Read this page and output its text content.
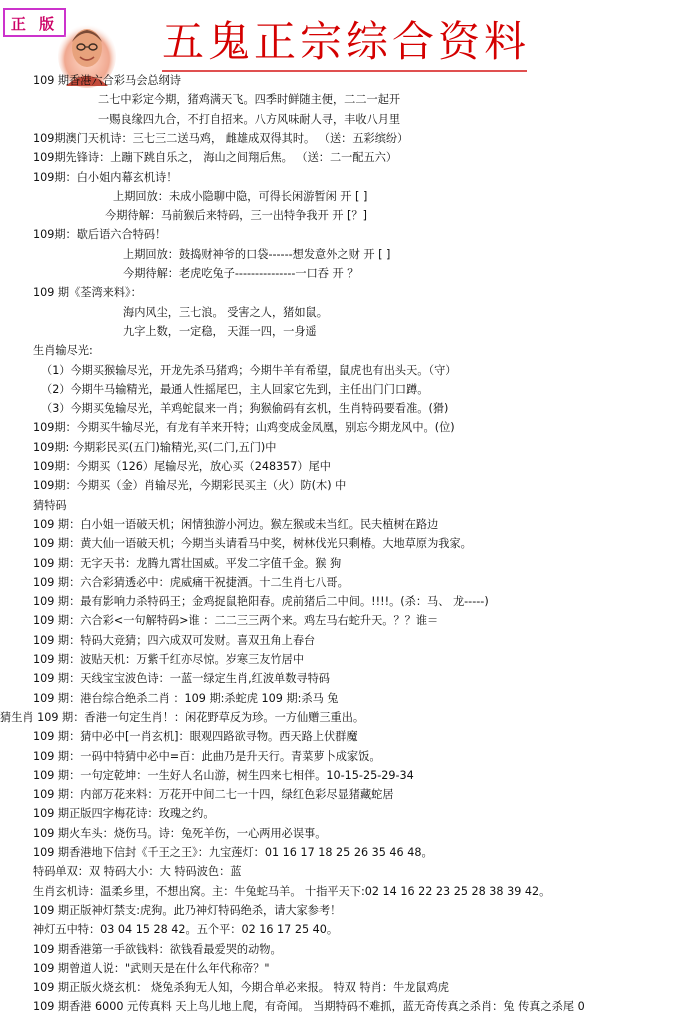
正 版 五鬼正宗综合资料
109 期香港六合彩马会总纲诗
二七中彩定今期，猪鸡满天飞。四季时鲜随主便，二二一起开
一赐良缘四九合，不打自招来。八方风味耐人寻，丰收八月里
109期澳门天机诗：三七三二送马鸡， 雌雄成双得其时。 （送：五彩缤纷）
109期先锋诗：上蹦下跳自乐之， 海山之间翔后焦。 （送：二一配五六）
109期：白小姐内幕玄机诗！
上期回放：未成小隐聊中隐，可得长闲游暂闲 开 [ ]
今期待解：马前猴后来特码，三一出特争我开 开 [？]
109期：歇后语六合特码！
上期回放：鼓捣财神爷的口袋------想发意外之财 开 [ ]
今期待解：老虎吃兔子---------------一口吞 开 ？
109 期《荃湾来料》：
海内风尘，三七浪。 受害之人，猪如鼠。
九字上数，一定稳， 天涯一四，一身遥
生肖输尽光:
（1）今期买猴输尽光，开龙先杀马猪鸡；今期牛羊有希望，鼠虎也有出头天。（守）
（2）今期牛马输精光，最通人性摇尾巴，主人回家它先到，主任出门门口蹲。
（3）今期买兔输尽光，羊鸡蛇鼠来一肖；狗猴偷码有玄机，生肖特码要看准。(猾)
109期：今期买牛输尽光，有龙有羊来开特；山鸡变成金凤凰，别忘今期龙风中。(位)
109期: 今期彩民买(五门)输精光,买(二门,五门)中
109期：今期买（126）尾输尽光，放心买（248357）尾中
109期：今期买（金）肖输尽光，今期彩民买主（火）防(木) 中
猜特码
109 期：白小姐一语破天机；闲情独游小河边。猴左猴或未当红。民夫植树在路边
109 期：黄大仙一语破天机；今期当头请看马中奖，树林伐光只剩椿。大地草原为我家。
109 期：无字天书：龙腾九霄壮国威。平发二字值千金。猴 狗
109 期：六合彩猜透必中：虎威痛干祝捷酒。十二生肖七八哥。
109 期：最有影响力杀特码王；金鸡捉鼠艳阳春。虎前猪后二中间。!!!!。(杀：马、 龙-----)
109 期：六合彩<一句解特码>谁 ：二二三三两个来。鸡左马右蛇升天。？？谁＝
109 期：特码大竞猜；四六成双可发财。喜双丑角上春台
109 期：波贴天机：万紫千红亦尽惊。岁寒三友竹居中
109 期：天线宝宝波色诗：一蓝一绿定生肖,红波单数寻特码
109 期：港台综合绝杀二肖 ：109 期:杀蛇虎 109 期:杀马 兔
猜生肖 109 期：香港一句定生肖！：闲花野草反为珍。一方仙赠三重出。
109 期：猜中必中[一肖玄机]：眼观四路欲寻物。西天路上伏群魔
109 期：一码中特猜中必中=百：此曲乃是升天行。青菜萝卜成家饭。
109 期：一句定乾坤：一生好人名山游，树生四来七相伴。10-15-25-29-34
109 期：内部万花来料：万花开中间二七一十四，绿红色彩尽显猪藏蛇居
109 期正版四字梅花诗：玫瑰之约。
109 期火车头：烧伤马。诗：兔死羊伤，一心两用必误事。
109 期香港地下信封《千王之王》：九宝莲灯：01 16 17 18 25 26 35 46 48。
特码单双：双 特码大小：大 特码波色：蓝
生肖玄机诗：温柔乡里，不想出窝。主：牛兔蛇马羊。 十指平天下:02 14 16 22 23 25 28 38 39 42。
109 期正版神灯禁支:虎狗。此乃神灯特码绝杀，请大家参考！
神灯五中特：03 04 15 28 42。五个平：02 16 17 25 40。
109 期香港第一手欲钱料：欲钱看最爱哭的动物。
109 期曾道人说："武则天是在什么年代称帝？"
109 期正版火烧玄机： 烧兔杀狗无人知，今期合单必来报。 特双 特肖：牛龙鼠鸡虎
109 期香港 6000 元传真料 天上鸟儿地上爬，有奇闻。 当期特码不难抓，蓝无奇传真之杀肖：兔 传真之杀尾 0
